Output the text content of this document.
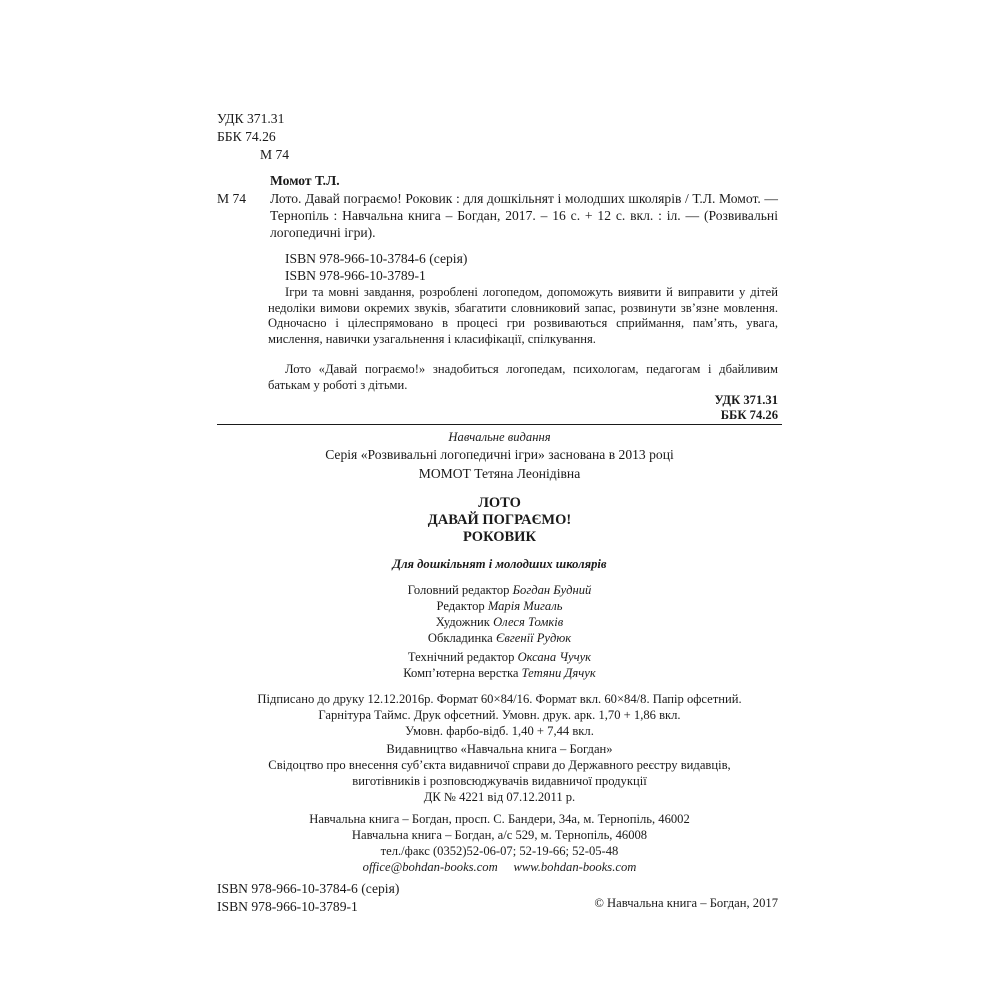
УДК 371.31
ББК 74.26
М 74
Момот Т.Л.
М 74 Лото. Давай пограємо! Роковик : для дошкільнят і молодших школярів / Т.Л. Момот. — Тернопіль : Навчальна книга – Богдан, 2017. – 16 с. + 12 с. вкл. : іл. — (Розвивальні логопедичні ігри).
ISBN 978-966-10-3784-6 (серія)
ISBN 978-966-10-3789-1
Ігри та мовні завдання, розроблені логопедом, допоможуть виявити й виправити у дітей недоліки вимови окремих звуків, збагатити словниковий запас, розвинути зв’язне мовлення. Одночасно і цілеспрямовано в процесі гри розвиваються сприймання, пам’ять, увага, мислення, навички узагальнення і класифікації, спілкування.
Лото «Давай пограємо!» знадобиться логопедам, психологам, педагогам і дбайливим батькам у роботі з дітьми.
УДК 371.31
ББК 74.26
Навчальне видання
Серія «Розвивальні логопедичні ігри» заснована в 2013 році
МОМОТ Тетяна Леонідівна
ЛОТО
ДАВАЙ ПОГРАЄМО!
РОКОВИК
Для дошкільнят і молодших школярів
Головний редактор Богдан Будний
Редактор Марія Мигаль
Художник Олеся Томків
Обкладинка Євгенії Рудюк
Технічний редактор Оксана Чучук
Комп’ютерна верстка Тетяни Дячук
Підписано до друку 12.12.2016р. Формат 60×84/16. Формат вкл. 60×84/8. Папір офсетний.
Гарнітура Таймс. Друк офсетний. Умовн. друк. арк. 1,70 + 1,86 вкл.
Умовн. фарбо-відб. 1,40 + 7,44 вкл.
Видавництво «Навчальна книга – Богдан»
Свідоцтво про внесення суб’єкта видавничої справи до Державного реєстру видавців,
виготівників і розповсюджувачів видавничої продукції
ДК № 4221 від 07.12.2011 р.
Навчальна книга – Богдан, просп. С. Бандери, 34а, м. Тернопіль, 46002
Навчальна книга – Богдан, а/с 529, м. Тернопіль, 46008
тел./факс (0352)52-06-07; 52-19-66; 52-05-48
office@bohdan-books.com www.bohdan-books.com
ISBN 978-966-10-3784-6 (серія)
ISBN 978-966-10-3789-1	© Навчальна книга – Богдан, 2017
